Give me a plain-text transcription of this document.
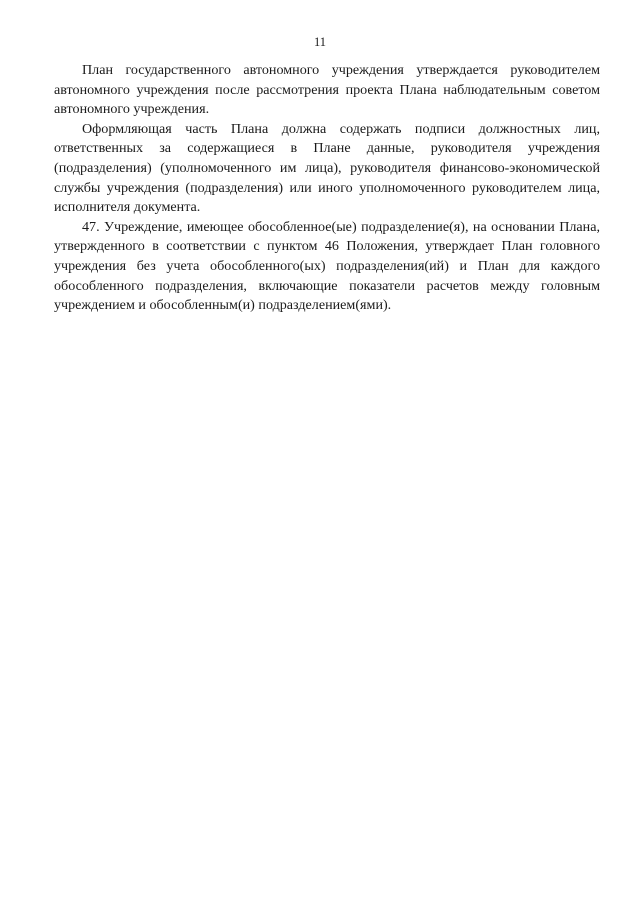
11

План государственного автономного учреждения утверждается руководителем автономного учреждения после рассмотрения проекта Плана наблюдательным советом автономного учреждения.

Оформляющая часть Плана должна содержать подписи должностных лиц, ответственных за содержащиеся в Плане данные, руководителя учреждения (подразделения) (уполномоченного им лица), руководителя финансово-экономической службы учреждения (подразделения) или иного уполномоченного руководителем лица, исполнителя документа.

47. Учреждение, имеющее обособленное(ые) подразделение(я), на основании Плана, утвержденного в соответствии с пунктом 46 Положения, утверждает План головного учреждения без учета обособленного(ых) подразделения(ий) и План для каждого обособленного подразделения, включающие показатели расчетов между головным учреждением и обособленным(и) подразделением(ями).
